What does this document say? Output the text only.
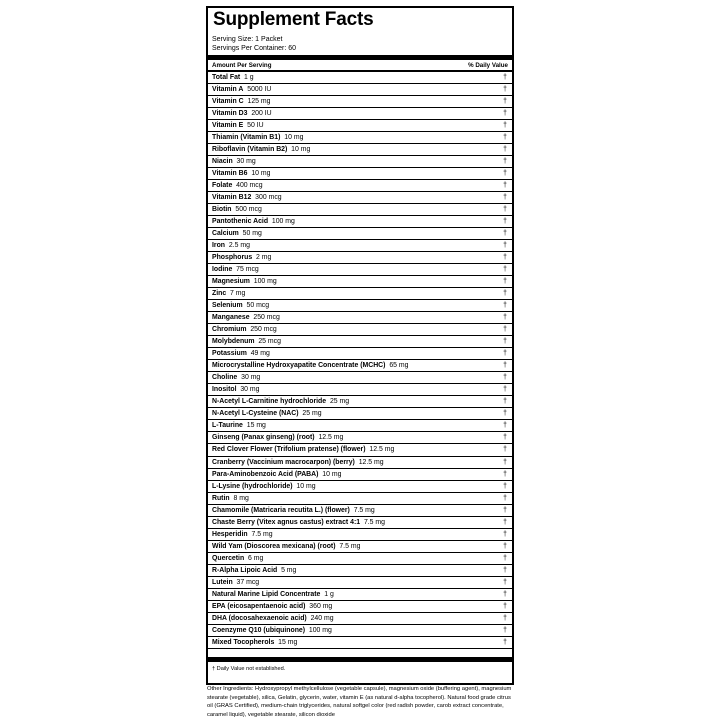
Supplement Facts
Serving Size: 1 Packet
Servings Per Container: 60
Amount Per Serving	% Daily Value
Total Fat 1 g	†
Vitamin A 5000 IU	†
Vitamin C 125 mg	†
Vitamin D3 200 IU	†
Vitamin E 50 IU	†
Thiamin (Vitamin B1) 10 mg	†
Riboflavin (Vitamin B2) 10 mg	†
Niacin 30 mg	†
Vitamin B6 10 mg	†
Folate 400 mcg	†
Vitamin B12 300 mcg	†
Biotin 500 mcg	†
Pantothenic Acid 100 mg	†
Calcium 50 mg	†
Iron 2.5 mg	†
Phosphorus 2 mg	†
Iodine 75 mcg	†
Magnesium 100 mg	†
Zinc 7 mg	†
Selenium 50 mcg	†
Manganese 250 mcg	†
Chromium 250 mcg	†
Molybdenum 25 mcg	†
Potassium 49 mg	†
Microcrystalline Hydroxyapatite Concentrate (MCHC) 65 mg	†
Choline 30 mg	†
Inositol 30 mg	†
N-Acetyl L-Carnitine hydrochloride 25 mg	†
N-Acetyl L-Cysteine (NAC) 25 mg	†
L-Taurine 15 mg	†
Ginseng (Panax ginseng) (root) 12.5 mg	†
Red Clover Flower (Trifolium pratense) (flower) 12.5 mg	†
Cranberry (Vaccinium macrocarpon) (berry) 12.5 mg	†
Para-Aminobenzoic Acid (PABA) 10 mg	†
L-Lysine (hydrochloride) 10 mg	†
Rutin 8 mg	†
Chamomile (Matricaria recutita L.) (flower) 7.5 mg	†
Chaste Berry (Vitex agnus castus) extract 4:1 7.5 mg	†
Hesperidin 7.5 mg	†
Wild Yam (Dioscorea mexicana) (root) 7.5 mg	†
Quercetin 6 mg	†
R-Alpha Lipoic Acid 5 mg	†
Lutein 37 mcg	†
Natural Marine Lipid Concentrate 1 g	†
EPA (eicosapentaenoic acid) 360 mg	†
DHA (docosahexaenoic acid) 240 mg	†
Coenzyme Q10 (ubiquinone) 100 mg	†
Mixed Tocopherols 15 mg	†
† Daily Value not established.
Other Ingredients: Hydroxypropyl methylcellulose (vegetable capsule), magnesium oxide (buffering agent), magnesium stearate (vegetable), silica, Gelatin, glycerin, water, vitamin E (as natural d-alpha tocopherol). Natural food grade citrus oil (GRAS Certified), medium-chain triglycerides, natural softgel color (red radish powder, carob extract concentrate, caramel liquid), vegetable stearate, silicon dioxide
